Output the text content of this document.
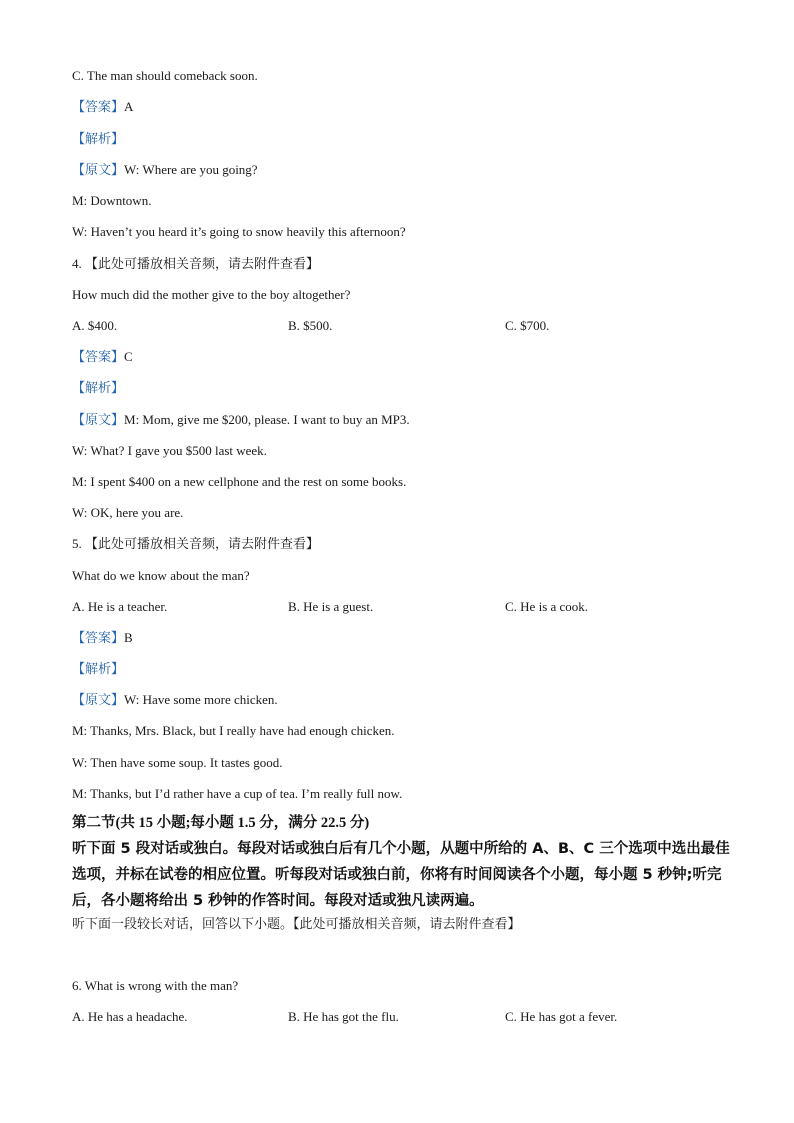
C. The man should comeback soon.
【答案】A
【解析】
【原文】W: Where are you going?
M: Downtown.
W: Haven’t you heard it’s going to snow heavily this afternoon?
4. 【此处可播放相关音频，请去附件查看】
How much did the mother give to the boy altogether?
A. $400.	B. $500.	C. $700.
【答案】C
【解析】
【原文】M: Mom, give me $200, please. I want to buy an MP3.
W: What? I gave you $500 last week.
M: I spent $400 on a new cellphone and the rest on some books.
W: OK, here you are.
5. 【此处可播放相关音频，请去附件查看】
What do we know about the man?
A. He is a teacher.	B. He is a guest.	C. He is a cook.
【答案】B
【解析】
【原文】W: Have some more chicken.
M: Thanks, Mrs. Black, but I really have had enough chicken.
W: Then have some soup. It tastes good.
M: Thanks, but I’d rather have a cup of tea. I’m really full now.
第二节(共 15 小题;每小题 1.5 分，满分 22.5 分)
听下面 5 段对话或独白。每段对话或独白后有几个小题，从题中所给的 A、B、C 三个选项中选出最佳选项，并标在试卷的相应位置。听每段对话或独白前，你将有时间阅读各个小题，每小题 5 秒钟;听完后，各小题将给出 5 秒钟的作答时间。每段对适或独凡读两遍。
听下面一段较长对话，回答以下小题。【此处可播放相关音频，请去附件查看】
6. What is wrong with the man?
A. He has a headache.	B. He has got the flu.	C. He has got a fever.
